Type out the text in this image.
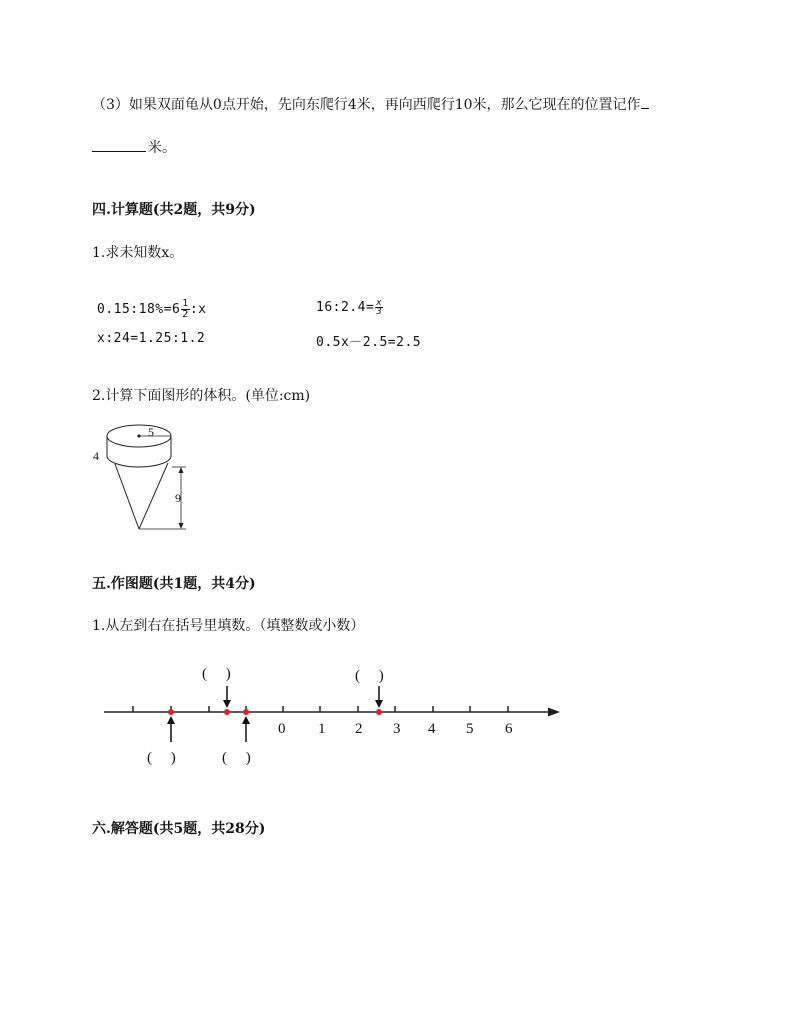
（3）如果双面龟从0点开始，先向东爬行4米，再向西爬行10米，那么它现在的位置记作
米。
四.计算题(共2题，共9分)
1.求未知数x。
0.15:18%=6 $\frac{1}{2}$ :x	16:2.4= $\frac{x}{3}$
x:24=1.25:1.2	0.5x－2.5=2.5
2.计算下面图形的体积。(单位:cm)
5
4
9
五.作图题(共1题，共4分)
1.从左到右在括号里填数。（填整数或小数）
0 1 2 3 4 5 6
(　 )	(　 )
(　 )	(　 )
六.解答题(共5题，共28分)
